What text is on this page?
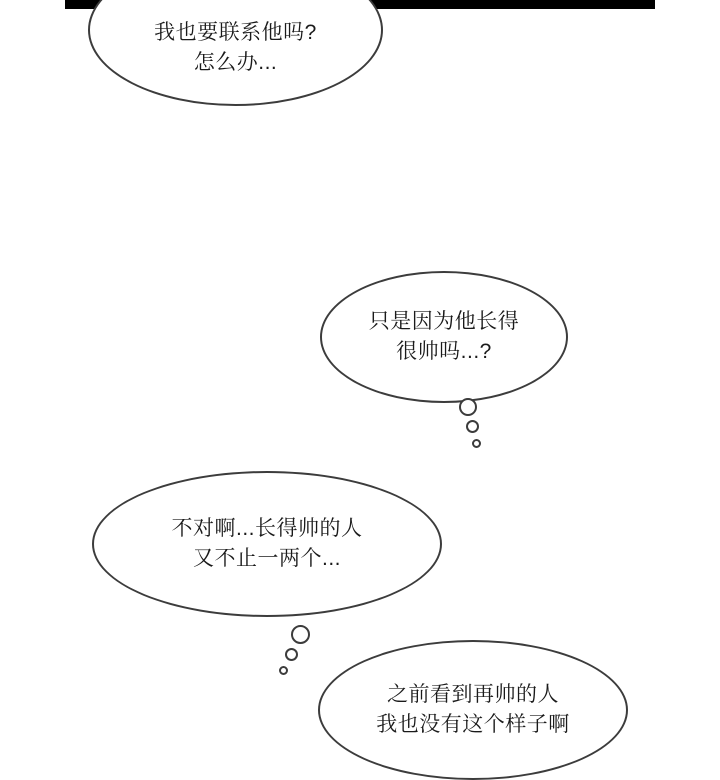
我也要联系他吗?
怎么办...
只是因为他长得
很帅吗...?
不对啊...长得帅的人
又不止一两个...
之前看到再帅的人
我也没有这个样子啊
